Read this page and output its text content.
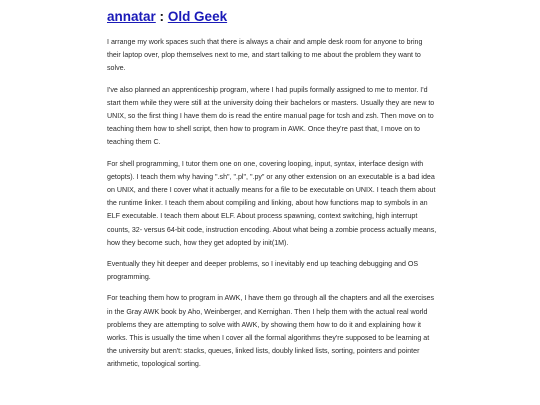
annatar : Old Geek

I arrange my work spaces such that there is always a chair and ample desk room for anyone to bring their laptop over, plop themselves next to me, and start talking to me about the problem they want to solve.

I've also planned an apprenticeship program, where I had pupils formally assigned to me to mentor. I'd start them while they were still at the university doing their bachelors or masters. Usually they are new to UNIX, so the first thing I have them do is read the entire manual page for tcsh and zsh. Then move on to teaching them how to shell script, then how to program in AWK. Once they're past that, I move on to teaching them C.

For shell programming, I tutor them one on one, covering looping, input, syntax, interface design with getopts). I teach them why having ".sh", ".pl", ".py" or any other extension on an executable is a bad idea on UNIX, and there I cover what it actually means for a file to be executable on UNIX. I teach them about the runtime linker. I teach them about compiling and linking, about how functions map to symbols in an ELF executable. I teach them about ELF. About process spawning, context switching, high interrupt counts, 32- versus 64-bit code, instruction encoding. About what being a zombie process actually means, how they become such, how they get adopted by init(1M).

Eventually they hit deeper and deeper problems, so I inevitably end up teaching debugging and OS programming.

For teaching them how to program in AWK, I have them go through all the chapters and all the exercises in the Gray AWK book by Aho, Weinberger, and Kernighan. Then I help them with the actual real world problems they are attempting to solve with AWK, by showing them how to do it and explaining how it works. This is usually the time when I cover all the formal algorithms they're supposed to be learning at the university but aren't: stacks, queues, linked lists, doubly linked lists, sorting, pointers and pointer arithmetic, topological sorting.
